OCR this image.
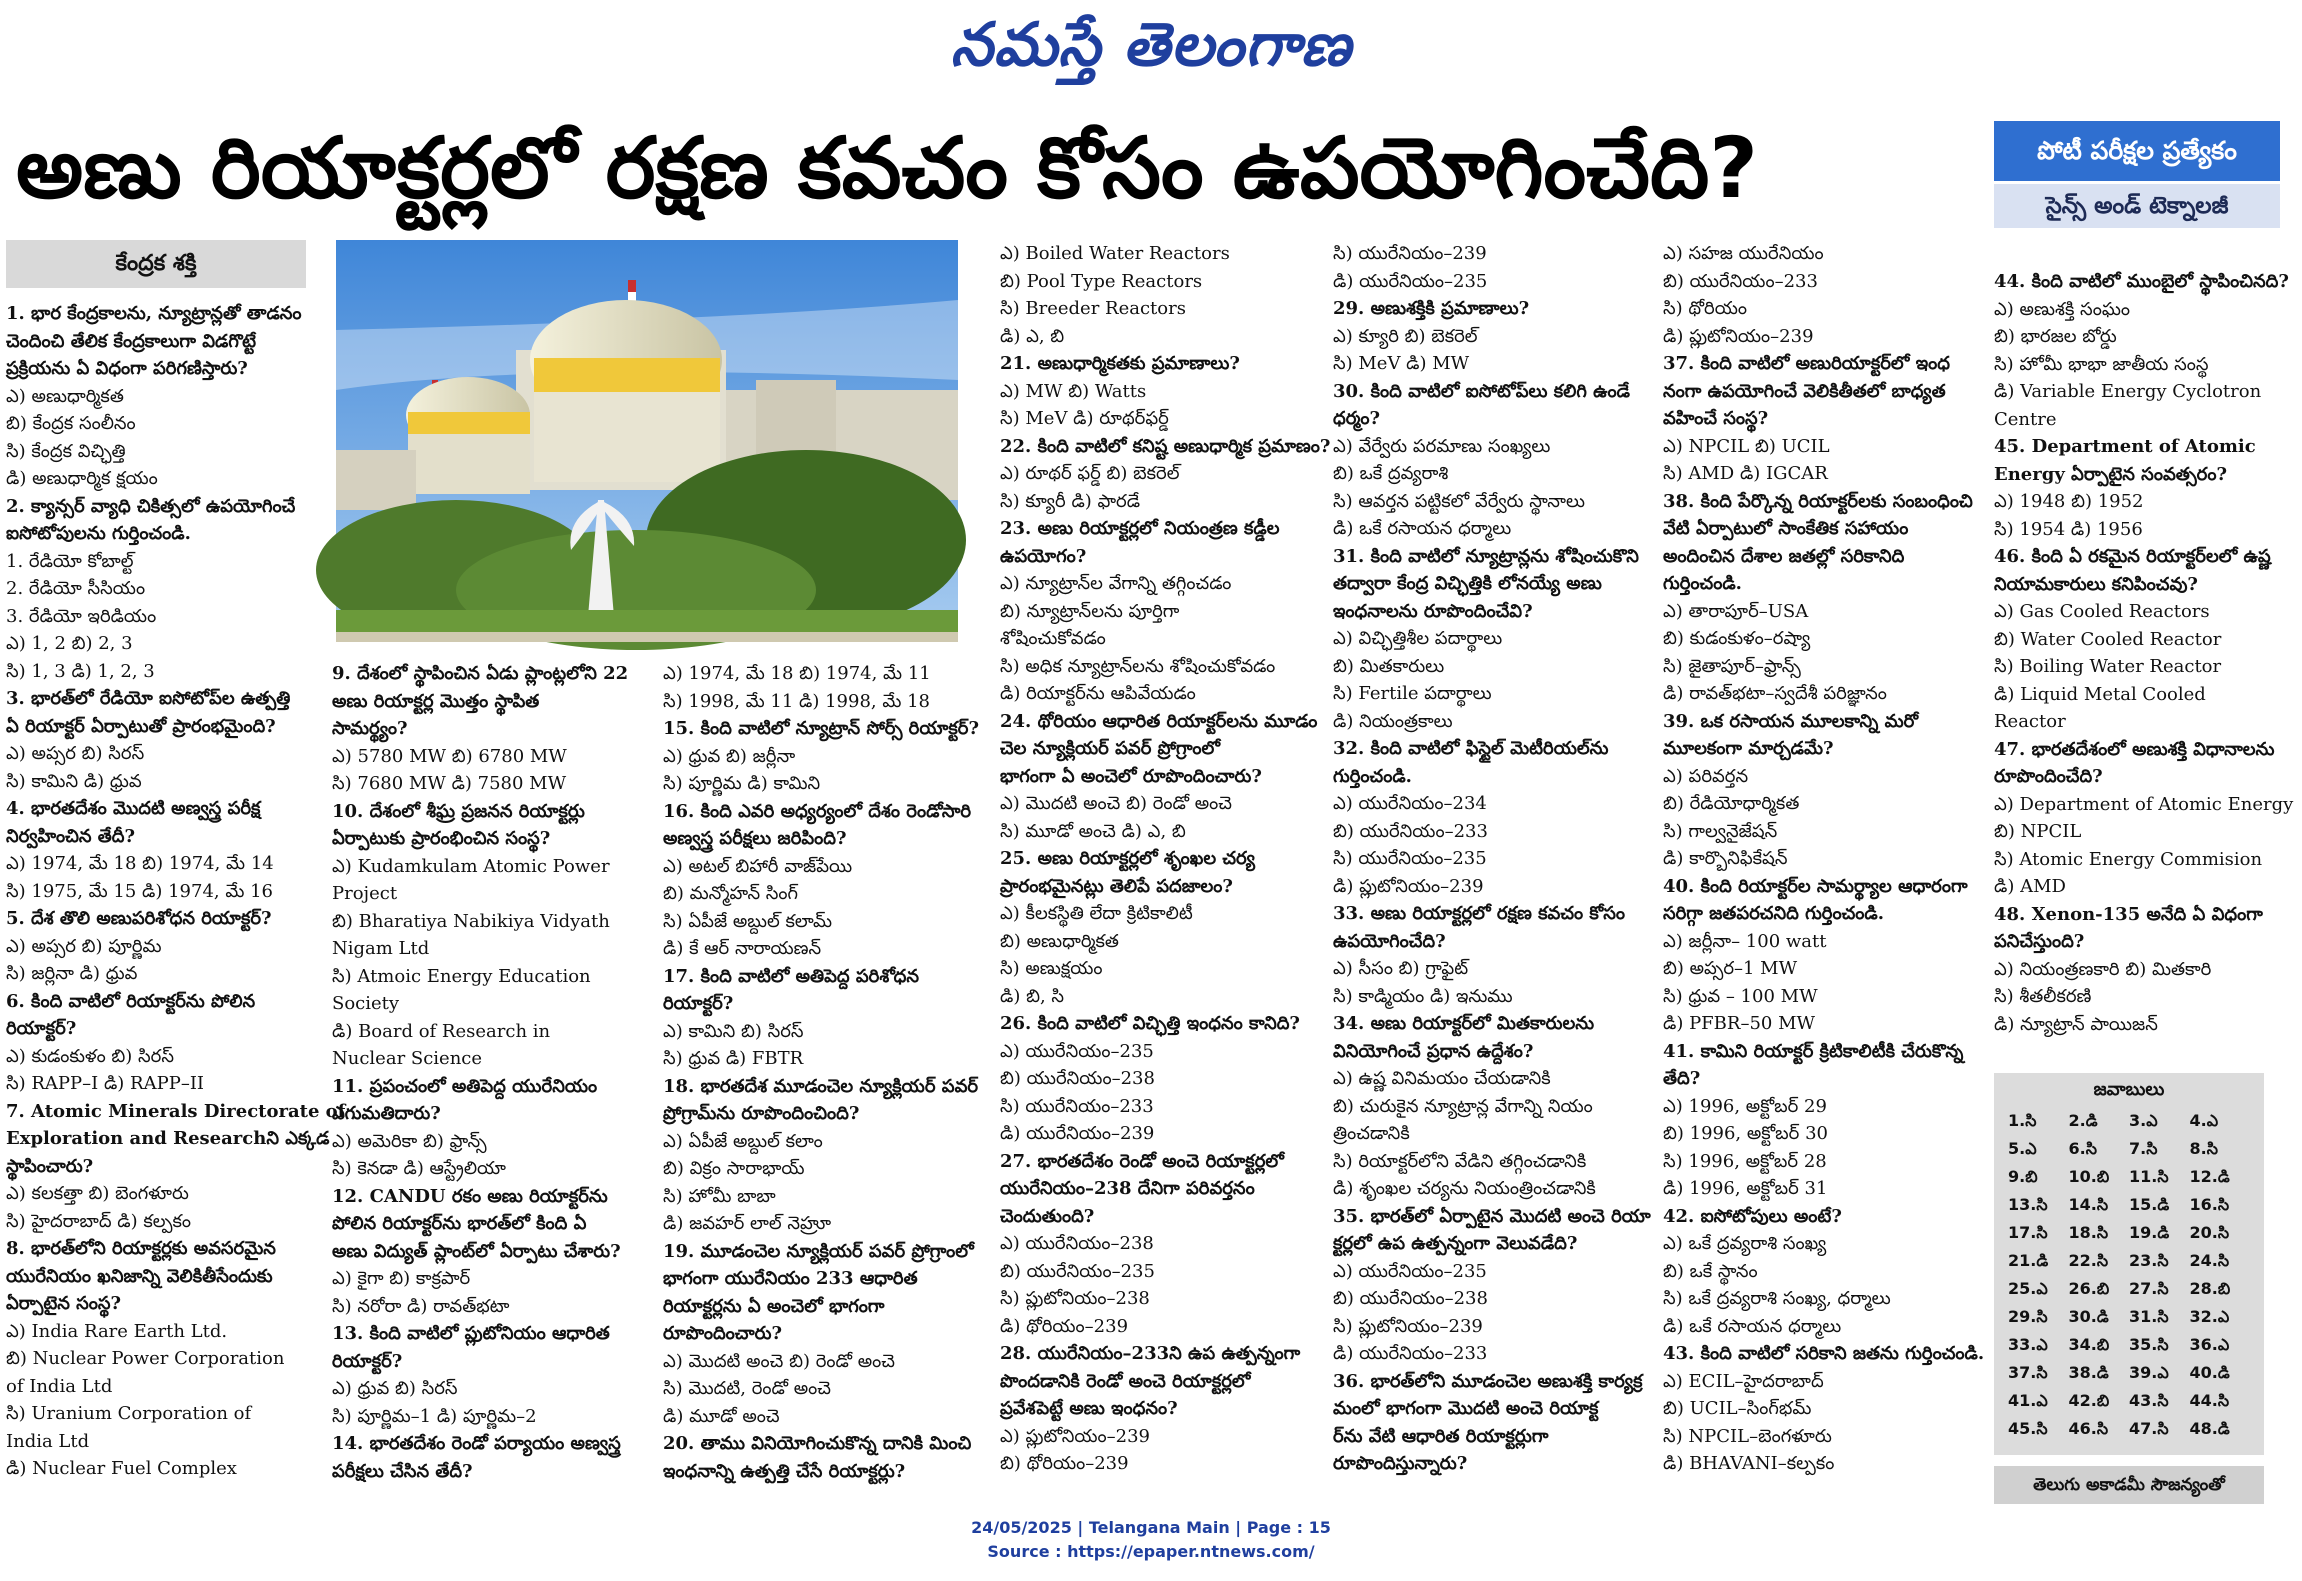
నమస్తే తెలంగాణ
అణు రియాక్టర్లలో రక్షణ కవచం కోసం ఉపయోగించేది?	పోటీ పరీక్షల ప్రత్యేకం
సైన్స్ అండ్ టెక్నాలజీ
కేంద్రక శక్తి
1. భార కేంద్రకాలను, న్యూట్రాన్లతో తాడనం
చెందించి తేలిక కేంద్రకాలుగా విడగొట్టే
ప్రక్రియను ఏ విధంగా పరిగణిస్తారు?
ఎ) అణుధార్మికత
బి) కేంద్రక సంలీనం
సి) కేంద్రక విచ్ఛిత్తి
డి) అణుధార్మిక క్షయం
2. క్యాన్సర్ వ్యాధి చికిత్సలో ఉపయోగించే
ఐసోటోపులను గుర్తించండి.
1. రేడియో కోబాల్ట్
2. రేడియో సీసియం
3. రేడియో ఇరిడియం
ఎ) 1, 2 బి) 2, 3
సి) 1, 3 డి) 1, 2, 3
3. భారత్‌లో రేడియో ఐసోటోప్‌ల ఉత్పత్తి
ఏ రియాక్టర్ ఏర్పాటుతో ప్రారంభమైంది?
ఎ) అప్సర బి) సిరస్
సి) కామిని డి) ధ్రువ
4. భారతదేశం మొదటి అణ్వస్త్ర పరీక్ష
నిర్వహించిన తేదీ?
ఎ) 1974, మే 18 బి) 1974, మే 14
సి) 1975, మే 15 డి) 1974, మే 16
5. దేశ తొలి అణుపరిశోధన రియాక్టర్?
ఎ) అప్సర బి) పూర్ణిమ
సి) జర్లినా డి) ధ్రువ
6. కింది వాటిలో రియాక్టర్‌ను పోలిన
రియాక్టర్?
ఎ) కుడంకుళం బి) సిరస్
సి) RAPP–I డి) RAPP–II
7. Atomic Minerals Directorate of
Exploration and Researchని ఎక్కడ
స్థాపించారు?
ఎ) కలకత్తా బి) బెంగళూరు
సి) హైదరాబాద్ డి) కల్పకం
8. భారత్‌లోని రియాక్టర్లకు అవసరమైన
యురేనియం ఖనిజాన్ని వెలికితీసేందుకు
ఏర్పాటైన సంస్థ?
ఎ) India Rare Earth Ltd.
బి) Nuclear Power Corporation
of India Ltd
సి) Uranium Corporation of
India Ltd
డి) Nuclear Fuel Complex
9. దేశంలో స్థాపించిన ఏడు ప్లాంట్లలోని 22
అణు రియాక్టర్ల మొత్తం స్థాపిత
సామర్థ్యం?
ఎ) 5780 MW బి) 6780 MW
సి) 7680 MW డి) 7580 MW
10. దేశంలో శీఘ్ర ప్రజనన రియాక్టర్లు
ఏర్పాటుకు ప్రారంభించిన సంస్థ?
ఎ) Kudamkulam Atomic Power
Project
బి) Bharatiya Nabikiya Vidyath
Nigam Ltd
సి) Atmoic Energy Education
Society
డి) Board of Research in
Nuclear Science
11. ప్రపంచంలో అతిపెద్ద యురేనియం
ఎగుమతిదారు?
ఎ) అమెరికా బి) ఫ్రాన్స్
సి) కెనడా డి) ఆస్ట్రేలియా
12. CANDU రకం అణు రియాక్టర్‌ను
పోలిన రియాక్టర్‌ను భారత్‌లో కింది ఏ
అణు విద్యుత్ ప్లాంట్‌లో ఏర్పాటు చేశారు?
ఎ) కైగా బి) కాక్రపార్
సి) నరోరా డి) రావత్‌భటా
13. కింది వాటిలో ప్లుటోనియం ఆధారిత
రియాక్టర్?
ఎ) ధ్రువ బి) సిరస్
సి) పూర్ణిమ–1 డి) పూర్ణిమ–2
14. భారతదేశం రెండో పర్యాయం అణ్వస్త్ర
పరీక్షలు చేసిన తేదీ?
ఎ) 1974, మే 18 బి) 1974, మే 11
సి) 1998, మే 11 డి) 1998, మే 18
15. కింది వాటిలో న్యూట్రాన్ సోర్స్ రియాక్టర్?
ఎ) ధ్రువ బి) జర్లీనా
సి) పూర్ణిమ డి) కామిని
16. కింది ఎవరి అధ్యర్యంలో దేశం రెండోసారి
అణ్వస్త్ర పరీక్షలు జరిపింది?
ఎ) అటల్ బిహారీ వాజ్‌పేయి
బి) మన్మోహన్ సింగ్
సి) ఏపీజే అబ్దుల్ కలామ్
డి) కే ఆర్ నారాయణన్
17. కింది వాటిలో అతిపెద్ద పరిశోధన
రియాక్టర్?
ఎ) కామిని బి) సిరస్
సి) ధ్రువ డి) FBTR
18. భారతదేశ మూడంచెల న్యూక్లియర్ పవర్
ప్రోగ్రామ్‌ను రూపొందించింది?
ఎ) ఏపీజే అబ్దుల్ కలాం
బి) విక్రం సారాభాయ్
సి) హోమీ బాబా
డి) జవహర్ లాల్ నెహ్రూ
19. మూడంచెల న్యూక్లియర్ పవర్ ప్రోగ్రాంలో
భాగంగా యురేనియం 233 ఆధారిత
రియాక్టర్లను ఏ అంచెలో భాగంగా
రూపొందించారు?
ఎ) మొదటి అంచె బి) రెండో అంచె
సి) మొదటి, రెండో అంచె
డి) మూడో అంచె
20. తాము వినియోగించుకొన్న దానికి మించి
ఇంధనాన్ని ఉత్పత్తి చేసే రియాక్టర్లు?
ఎ) Boiled Water Reactors
బి) Pool Type Reactors
సి) Breeder Reactors
డి) ఎ, బి
21. అణుధార్మికతకు ప్రమాణాలు?
ఎ) MW బి) Watts
సి) MeV డి) రూథర్‌ఫర్డ్
22. కింది వాటిలో కనిష్ట అణుధార్మిక ప్రమాణం?
ఎ) రూథర్ ఫర్డ్ బి) బెకరెల్
సి) క్యూరీ డి) ఫారడే
23. అణు రియాక్టర్లలో నియంత్రణ కడ్డీల
ఉపయోగం?
ఎ) న్యూట్రాన్‌ల వేగాన్ని తగ్గించడం
బి) న్యూట్రాన్‌లను పూర్తిగా
శోషించుకోవడం
సి) అధిక న్యూట్రాన్‌లను శోషించుకోవడం
డి) రియాక్టర్‌ను ఆపివేయడం
24. థోరియం ఆధారిత రియాక్టర్‌లను మూడం
చెల న్యూక్లియర్ పవర్ ప్రోగ్రాంలో
భాగంగా ఏ అంచెలో రూపొందించారు?
ఎ) మొదటి అంచె బి) రెండో అంచె
సి) మూడో అంచె డి) ఎ, బి
25. అణు రియాక్టర్లలో శృంఖల చర్య
ప్రారంభమైనట్లు తెలిపే పదజాలం?
ఎ) కీలకస్థితి లేదా క్రిటికాలిటీ
బి) అణుధార్మికత
సి) అణుక్షయం
డి) బి, సి
26. కింది వాటిలో విచ్ఛిత్తి ఇంధనం కానిది?
ఎ) యురేనియం–235
బి) యురేనియం–238
సి) యురేనియం–233
డి) యురేనియం–239
27. భారతదేశం రెండో అంచె రియాక్టర్లలో
యురేనియం–238 దేనిగా పరివర్తనం
చెందుతుంది?
ఎ) యురేనియం–238
బి) యురేనియం–235
సి) ప్లుటోనియం–238
డి) థోరియం–239
28. యురేనియం–233ని ఉప ఉత్పన్నంగా
పొందడానికి రెండో అంచె రియాక్టర్లలో
ప్రవేశపెట్టే అణు ఇంధనం?
ఎ) ప్లుటోనియం–239
బి) థోరియం–239
సి) యురేనియం–239
డి) యురేనియం–235
29. అణుశక్తికి ప్రమాణాలు?
ఎ) క్యూరి బి) బెకరెల్
సి) MeV డి) MW
30. కింది వాటిలో ఐసోటోప్‌లు కలిగి ఉండే
ధర్మం?
ఎ) వేర్వేరు పరమాణు సంఖ్యలు
బి) ఒకే ద్రవ్యరాశి
సి) ఆవర్తన పట్టికలో వేర్వేరు స్థానాలు
డి) ఒకే రసాయన ధర్మాలు
31. కింది వాటిలో న్యూట్రాన్లను శోషించుకొని
తద్వారా కేంద్ర విచ్ఛిత్తికి లోనయ్యే అణు
ఇంధనాలను రూపొందించేవి?
ఎ) విచ్ఛిత్తిశీల పదార్థాలు
బి) మితకారులు
సి) Fertile పదార్థాలు
డి) నియంత్రకాలు
32. కింది వాటిలో ఫిస్టైల్ మెటీరియల్‌ను
గుర్తించండి.
ఎ) యురేనియం–234
బి) యురేనియం–233
సి) యురేనియం–235
డి) ప్లుటోనియం–239
33. అణు రియాక్టర్లలో రక్షణ కవచం కోసం
ఉపయోగించేది?
ఎ) సీసం బి) గ్రాఫైట్
సి) కాడ్మియం డి) ఇనుము
34. అణు రియాక్టర్‌లో మితకారులను
వినియోగించే ప్రధాన ఉద్దేశం?
ఎ) ఉష్ణ వినిమయం చేయడానికి
బి) చురుకైన న్యూట్రాన్ల వేగాన్ని నియం
త్రించడానికి
సి) రియాక్టర్‌లోని వేడిని తగ్గించడానికి
డి) శృంఖల చర్యను నియంత్రించడానికి
35. భారత్‌లో ఏర్పాటైన మొదటి అంచె రియా
క్టర్లలో ఉప ఉత్పన్నంగా వెలువడేది?
ఎ) యురేనియం–235
బి) యురేనియం–238
సి) ప్లుటోనియం–239
డి) యురేనియం–233
36. భారత్‌లోని మూడంచెల అణుశక్తి కార్యక్ర
మంలో భాగంగా మొదటి అంచె రియాక్ట
ర్‌ను వేటి ఆధారిత రియాక్టర్లుగా
రూపొందిస్తున్నారు?
ఎ) సహజ యురేనియం
బి) యురేనియం–233
సి) థోరియం
డి) ప్లుటోనియం–239
37. కింది వాటిలో అణురియాక్టర్‌లో ఇంధ
నంగా ఉపయోగించే వెలికితీతలో బాధ్యత
వహించే సంస్థ?
ఎ) NPCIL బి) UCIL
సి) AMD డి) IGCAR
38. కింది పేర్కొన్న రియాక్టర్‌లకు సంబంధించి
వేటి ఏర్పాటులో సాంకేతిక సహాయం
అందించిన దేశాల జతల్లో సరికానిది
గుర్తించండి.
ఎ) తారాపూర్–USA
బి) కుడంకుళం–రష్యా
సి) జైతాపూర్–ఫ్రాన్స్
డి) రావత్‌భటా–స్వదేశీ పరిజ్ఞానం
39. ఒక రసాయన మూలకాన్ని మరో
మూలకంగా మార్చడమే?
ఎ) పరివర్తన
బి) రేడియోధార్మికత
సి) గాల్వనైజేషన్
డి) కార్బొనిఫికేషన్
40. కింది రియాక్టర్‌ల సామర్థ్యాల ఆధారంగా
సరిగ్గా జతపరచనిది గుర్తించండి.
ఎ) జర్లీనా– 100 watt
బి) అప్సర–1 MW
సి) ధ్రువ – 100 MW
డి) PFBR–50 MW
41. కామిని రియాక్టర్ క్రిటికాలిటీకి చేరుకొన్న
తేది?
ఎ) 1996, అక్టోబర్ 29
బి) 1996, అక్టోబర్ 30
సి) 1996, అక్టోబర్ 28
డి) 1996, అక్టోబర్ 31
42. ఐసోటోపులు అంటే?
ఎ) ఒకే ద్రవ్యరాశి సంఖ్య
బి) ఒకే స్థానం
సి) ఒకే ద్రవ్యరాశి సంఖ్య, ధర్మాలు
డి) ఒకే రసాయన ధర్మాలు
43. కింది వాటిలో సరికాని జతను గుర్తించండి.
ఎ) ECIL–హైదరాబాద్
బి) UCIL–సింగ్‌భమ్
సి) NPCIL–బెంగళూరు
డి) BHAVANI–కల్పకం
44. కింది వాటిలో ముంబైలో స్థాపించినది?
ఎ) అణుశక్తి సంఘం
బి) భారజల బోర్డు
సి) హోమీ భాభా జాతీయ సంస్థ
డి) Variable Energy Cyclotron
Centre
45. Department of Atomic
Energy ఏర్పాటైన సంవత్సరం?
ఎ) 1948 బి) 1952
సి) 1954 డి) 1956
46. కింది ఏ రకమైన రియాక్టర్‌లలో ఉష్ణ
నియామకారులు కనిపించవు?
ఎ) Gas Cooled Reactors
బి) Water Cooled Reactor
సి) Boiling Water Reactor
డి) Liquid Metal Cooled
Reactor
47. భారతదేశంలో అణుశక్తి విధానాలను
రూపొందించేది?
ఎ) Department of Atomic Energy
బి) NPCIL
సి) Atomic Energy Commision
డి) AMD
48. Xenon-135 అనేది ఏ విధంగా
పనిచేస్తుంది?
ఎ) నియంత్రణకారి బి) మితకారి
సి) శీతలీకరణి
డి) న్యూట్రాన్ పాయిజన్
జవాబులు
1.సి	2.డి	3.ఎ	4.ఎ
5.ఎ	6.సి	7.సి	8.సి
9.బి	10.బి	11.సి	12.డి
13.సి	14.సి	15.డి	16.సి
17.సి	18.సి	19.డి	20.సి
21.డి	22.సి	23.సి	24.సి
25.ఎ	26.బి	27.సి	28.బి
29.సి	30.డి	31.సి	32.ఎ
33.ఎ	34.బి	35.సి	36.ఎ
37.సి	38.డి	39.ఎ	40.డి
41.ఎ	42.బి	43.సి	44.సి
45.సి	46.సి	47.సి	48.డి
తెలుగు అకాడమీ సౌజన్యంతో
24/05/2025 | Telangana Main | Page : 15
Source : https://epaper.ntnews.com/
